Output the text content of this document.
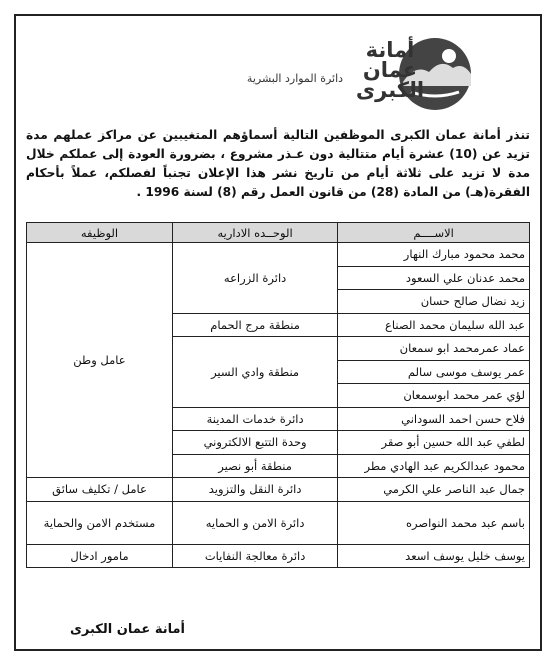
أمانة عمان الكبرى
دائرة الموارد البشرية
تنذر أمانة عمان الكبرى الموظفين التالية أسماؤهم المتغيبين عن مراكز عملهم مدة تزيد عن (10) عشرة أيام متتالية دون عـذر مشروع ، بضرورة العودة إلى عملكم خلال مدة لا تزيد على ثلاثة أيام من تاريخ نشر هذا الإعلان تجنباً لفصلكم، عملاً بأحكام الفقرة(هـ) من المادة (28) من قانون العمل رقم (8) لسنة 1996 .
الاســــم	الوحــده الاداريه	الوظيفه
محمد محمود مبارك النهار	دائرة الزراعه	عامل وطن
محمد عدنان علي السعود		
زيد نضال صالح حسان		
عبد الله سليمان محمد الصناع	منطقة مرج الحمام	
عماد عمرمحمد ابو سمعان	منطقة وادي السير	
عمر يوسف موسى سالم		
لؤي عمر محمد ابوسمعان		
فلاح حسن احمد السوداني	دائرة خدمات المدينة	
لطفي عبد الله حسين أبو صقر	وحدة التتبع الالكتروني	
محمود عبدالكريم عبد الهادي مطر	منطقة أبو نصير	
جمال عبد الناصر علي الكرمي	دائرة النقل والتزويد	عامل / تكليف سائق
باسم عبد محمد النواصره	دائرة الامن و الحمايه	مستخدم الامن والحماية
يوسف خليل يوسف اسعد	دائرة معالجة النفايات	مامور ادخال
أمانة عمان الكبرى
